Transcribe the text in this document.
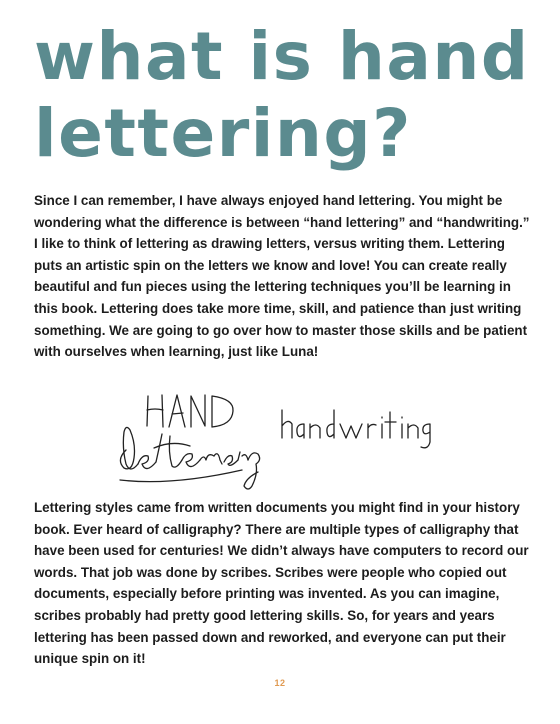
what is hand
lettering?

Since I can remember, I have always enjoyed hand lettering. You might be wondering what the difference is between “hand lettering” and “handwriting.” I like to think of lettering as drawing letters, versus writing them. Lettering puts an artistic spin on the letters we know and love! You can create really beautiful and fun pieces using the lettering techniques you’ll be learning in this book. Lettering does take more time, skill, and patience than just writing something. We are going to go over how to master those skills and be patient with ourselves when learning, just like Luna!

Lettering styles came from written documents you might find in your history book. Ever heard of calligraphy? There are multiple types of calligraphy that have been used for centuries! We didn’t always have computers to record our words. That job was done by scribes. Scribes were people who copied out documents, especially before printing was invented. As you can imagine, scribes probably had pretty good lettering skills. So, for years and years lettering has been passed down and reworked, and everyone can put their unique spin on it!

12
